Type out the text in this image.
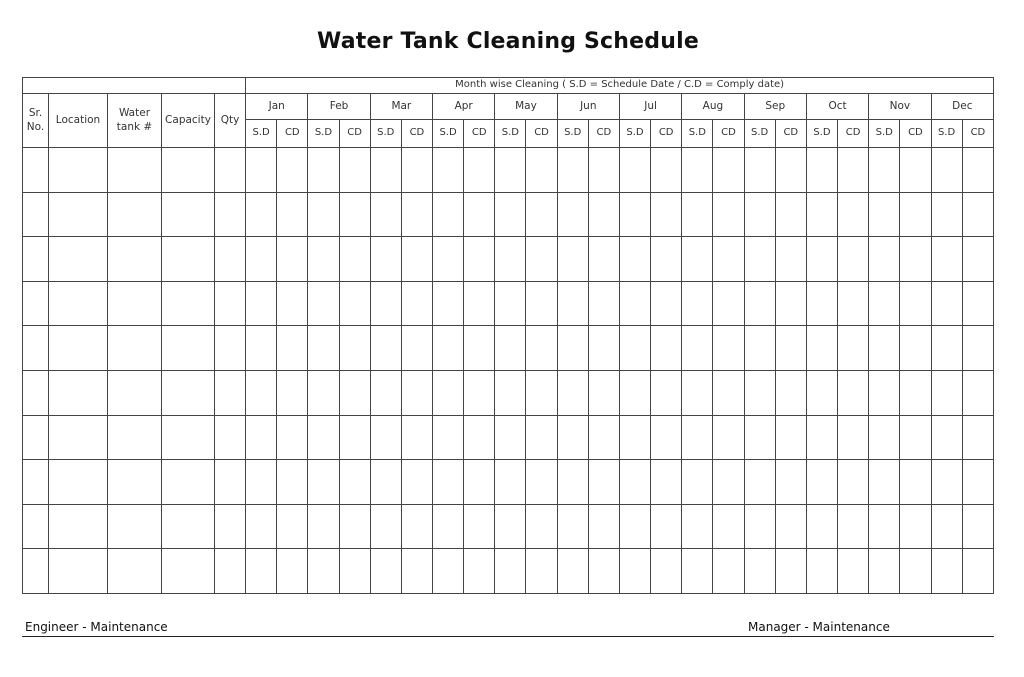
Water Tank Cleaning Schedule
					Month wise Cleaning ( S.D = Schedule Date / C.D = Comply date)																							
Sr. No.	Location	Water tank #	Capacity	Qty	Jan		Feb		Mar		Apr		May		Jun		Jul		Aug		Sep		Oct		Nov		Dec	
					S.D	CD	S.D	CD	S.D	CD	S.D	CD	S.D	CD	S.D	CD	S.D	CD	S.D	CD	S.D	CD	S.D	CD	S.D	CD	S.D	CD

Engineer - Maintenance	Manager - Maintenance
